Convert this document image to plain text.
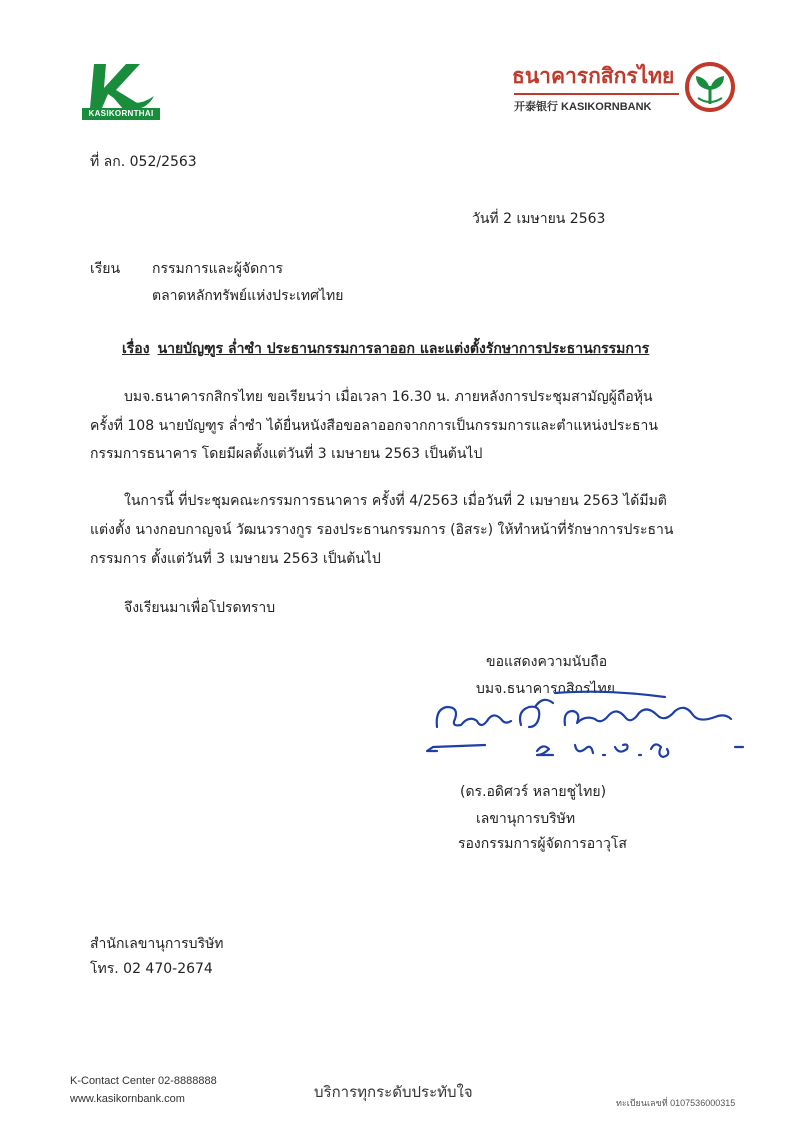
KASIKORNTHAI
ธนาคารกสิกรไทย
开泰银行 KASIKORNBANK
ที่ ลก. 052/2563
วันที่ 2 เมษายน 2563
เรียน กรรมการและผู้จัดการ
ตลาดหลักทรัพย์แห่งประเทศไทย
เรื่อง นายบัญฑูร ล่ำซำ ประธานกรรมการลาออก และแต่งตั้งรักษาการประธานกรรมการ
บมจ.ธนาคารกสิกรไทย ขอเรียนว่า เมื่อเวลา 16.30 น. ภายหลังการประชุมสามัญผู้ถือหุ้น
ครั้งที่ 108 นายบัญฑูร ล่ำซำ ได้ยื่นหนังสือขอลาออกจากการเป็นกรรมการและตำแหน่งประธาน
กรรมการธนาคาร โดยมีผลตั้งแต่วันที่ 3 เมษายน 2563 เป็นต้นไป
ในการนี้ ที่ประชุมคณะกรรมการธนาคาร ครั้งที่ 4/2563 เมื่อวันที่ 2 เมษายน 2563 ได้มีมติ
แต่งตั้ง นางกอบกาญจน์ วัฒนวรางกูร รองประธานกรรมการ (อิสระ) ให้ทำหน้าที่รักษาการประธาน
กรรมการ ตั้งแต่วันที่ 3 เมษายน 2563 เป็นต้นไป
จึงเรียนมาเพื่อโปรดทราบ
ขอแสดงความนับถือ
บมจ.ธนาคารกสิกรไทย
(ดร.อดิศวร์ หลายชูไทย)
เลขานุการบริษัท
รองกรรมการผู้จัดการอาวุโส
สำนักเลขานุการบริษัท
โทร. 02 470-2674
K-Contact Center 02-8888888
www.kasikornbank.com	บริการทุกระดับประทับใจ
ทะเบียนเลขที่ 0107536000315
